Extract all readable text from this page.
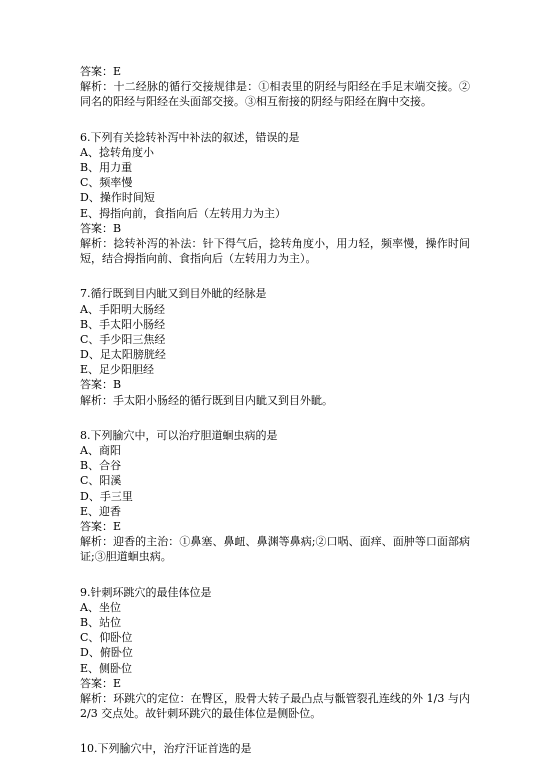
答案：E

解析：十二经脉的循行交接规律是：①相表里的阴经与阳经在手足末端交接。②同名的阳经与阳经在头面部交接。③相互衔接的阴经与阳经在胸中交接。

6.下列有关捻转补泻中补法的叙述，错误的是

A、捻转角度小

B、用力重

C、频率慢

D、操作时间短

E、拇指向前，食指向后（左转用力为主）

答案：B

解析：捻转补泻的补法：针下得气后，捻转角度小，用力轻，频率慢，操作时间短，结合拇指向前、食指向后（左转用力为主）。

7.循行既到目内眦又到目外眦的经脉是

A、手阳明大肠经

B、手太阳小肠经

C、手少阳三焦经

D、足太阳膀胱经

E、足少阳胆经

答案：B

解析：手太阳小肠经的循行既到目内眦又到目外眦。

8.下列腧穴中，可以治疗胆道蛔虫病的是

A、商阳

B、合谷

C、阳溪

D、手三里

E、迎香

答案：E

解析：迎香的主治：①鼻塞、鼻衄、鼻渊等鼻病;②口㖞、面痒、面肿等口面部病证;③胆道蛔虫病。

9.针刺环跳穴的最佳体位是

A、坐位

B、站位

C、仰卧位

D、俯卧位

E、侧卧位

答案：E

解析：环跳穴的定位：在臀区，股骨大转子最凸点与骶管裂孔连线的外 1/3 与内 2/3 交点处。故针刺环跳穴的最佳体位是侧卧位。

10.下列腧穴中，治疗汗证首选的是
